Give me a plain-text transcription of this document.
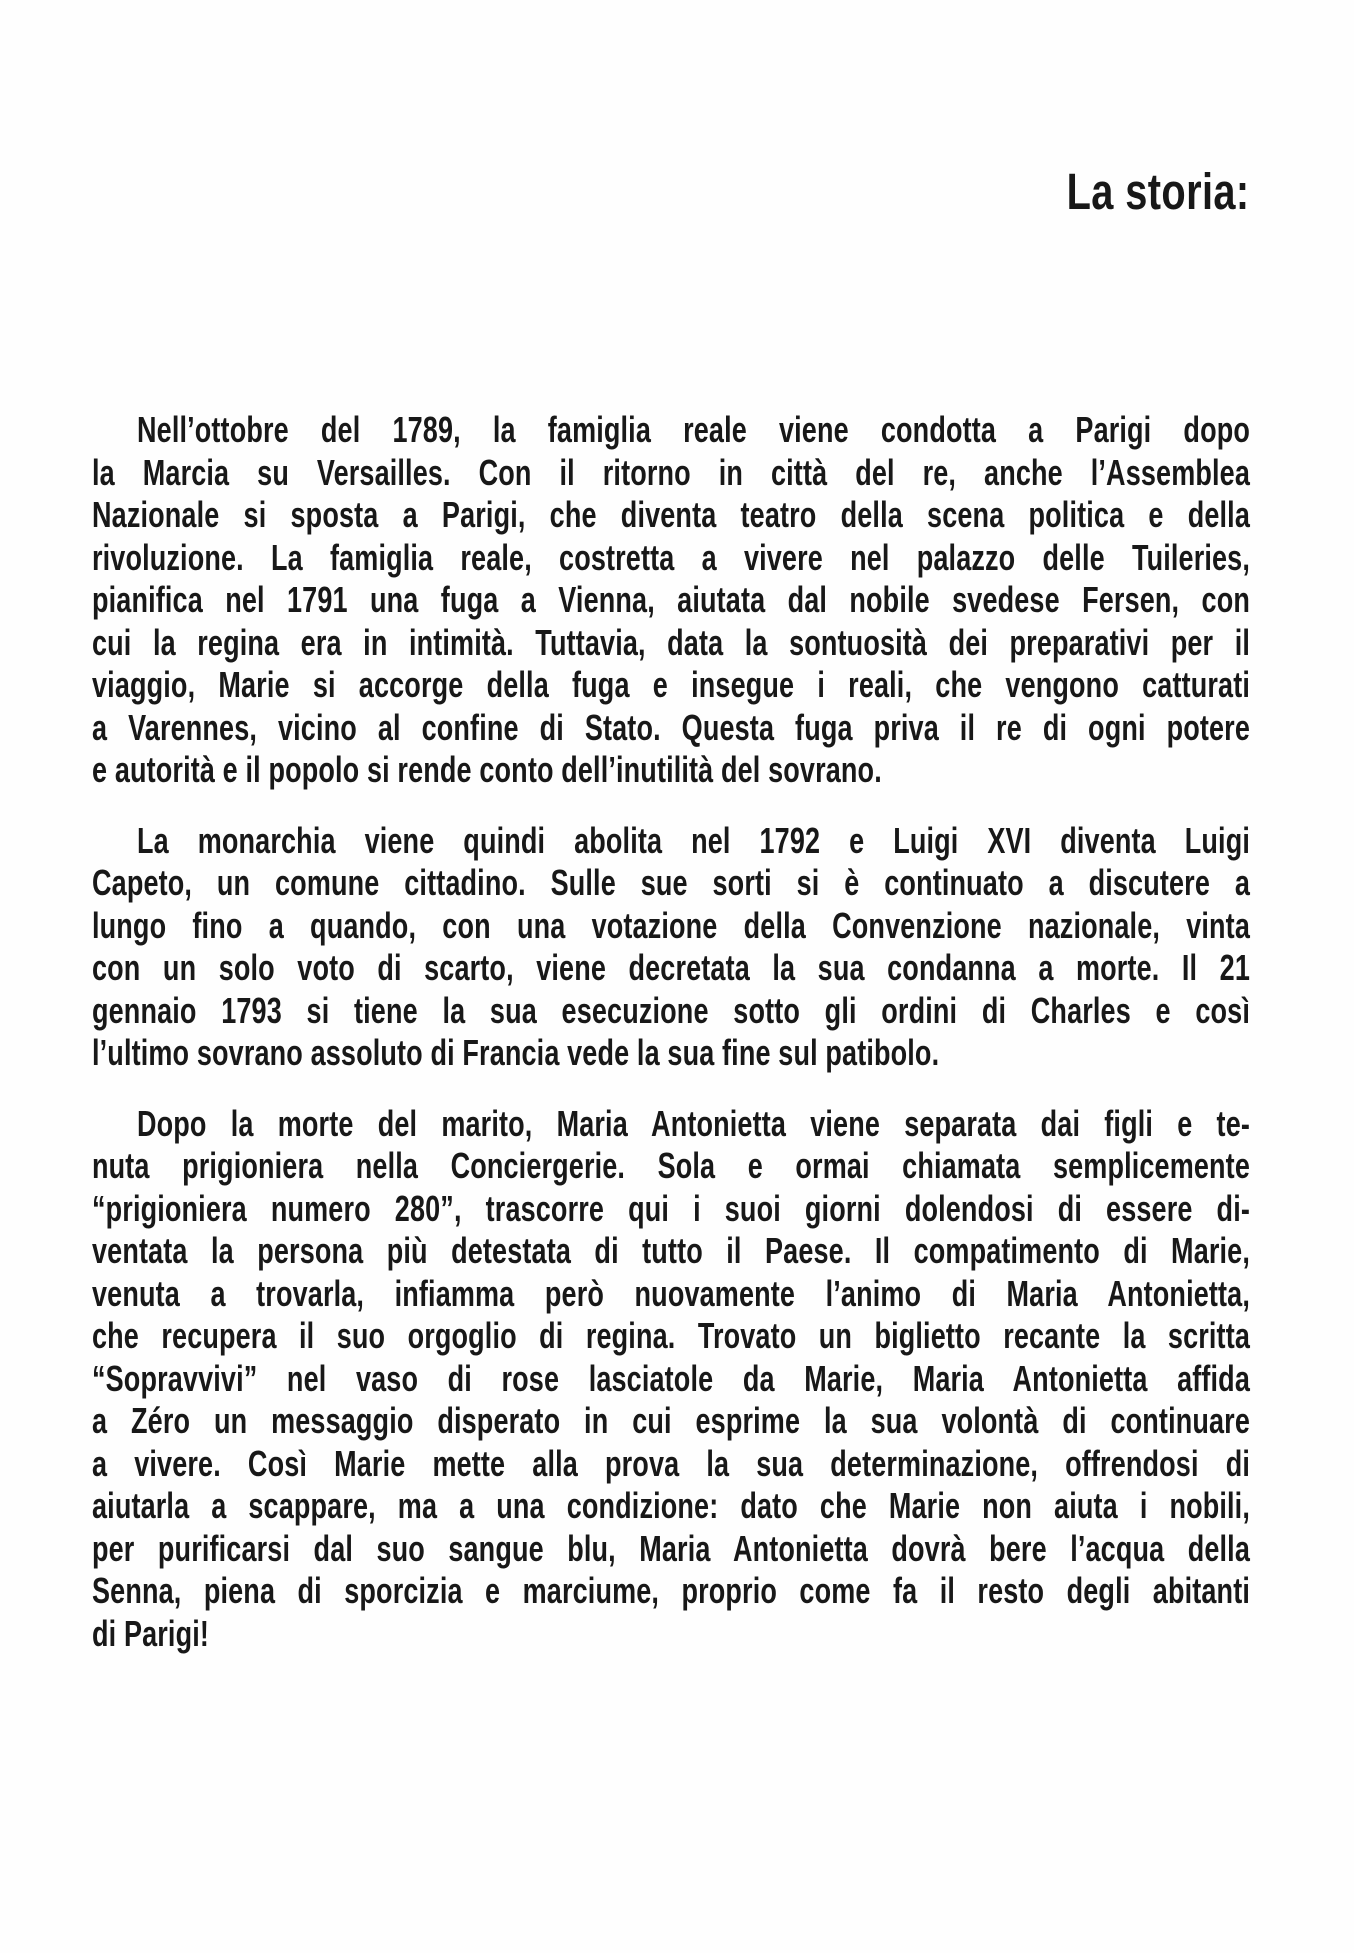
La storia:
Nell’ottobre del 1789, la famiglia reale viene condotta a Parigi dopo
la Marcia su Versailles. Con il ritorno in città del re, anche l’Assemblea
Nazionale si sposta a Parigi, che diventa teatro della scena politica e della
rivoluzione. La famiglia reale, costretta a vivere nel palazzo delle Tuileries,
pianifica nel 1791 una fuga a Vienna, aiutata dal nobile svedese Fersen, con
cui la regina era in intimità. Tuttavia, data la sontuosità dei preparativi per il
viaggio, Marie si accorge della fuga e insegue i reali, che vengono catturati
a Varennes, vicino al confine di Stato. Questa fuga priva il re di ogni potere
e autorità e il popolo si rende conto dell’inutilità del sovrano.
La monarchia viene quindi abolita nel 1792 e Luigi XVI diventa Luigi
Capeto, un comune cittadino. Sulle sue sorti si è continuato a discutere a
lungo fino a quando, con una votazione della Convenzione nazionale, vinta
con un solo voto di scarto, viene decretata la sua condanna a morte. Il 21
gennaio 1793 si tiene la sua esecuzione sotto gli ordini di Charles e così
l’ultimo sovrano assoluto di Francia vede la sua fine sul patibolo.
Dopo la morte del marito, Maria Antonietta viene separata dai figli e te-
nuta prigioniera nella Conciergerie. Sola e ormai chiamata semplicemente
“prigioniera numero 280”, trascorre qui i suoi giorni dolendosi di essere di-
ventata la persona più detestata di tutto il Paese. Il compatimento di Marie,
venuta a trovarla, infiamma però nuovamente l’animo di Maria Antonietta,
che recupera il suo orgoglio di regina. Trovato un biglietto recante la scritta
“Sopravvivi” nel vaso di rose lasciatole da Marie, Maria Antonietta affida
a Zéro un messaggio disperato in cui esprime la sua volontà di continuare
a vivere. Così Marie mette alla prova la sua determinazione, offrendosi di
aiutarla a scappare, ma a una condizione: dato che Marie non aiuta i nobili,
per purificarsi dal suo sangue blu, Maria Antonietta dovrà bere l’acqua della
Senna, piena di sporcizia e marciume, proprio come fa il resto degli abitanti
di Parigi!
